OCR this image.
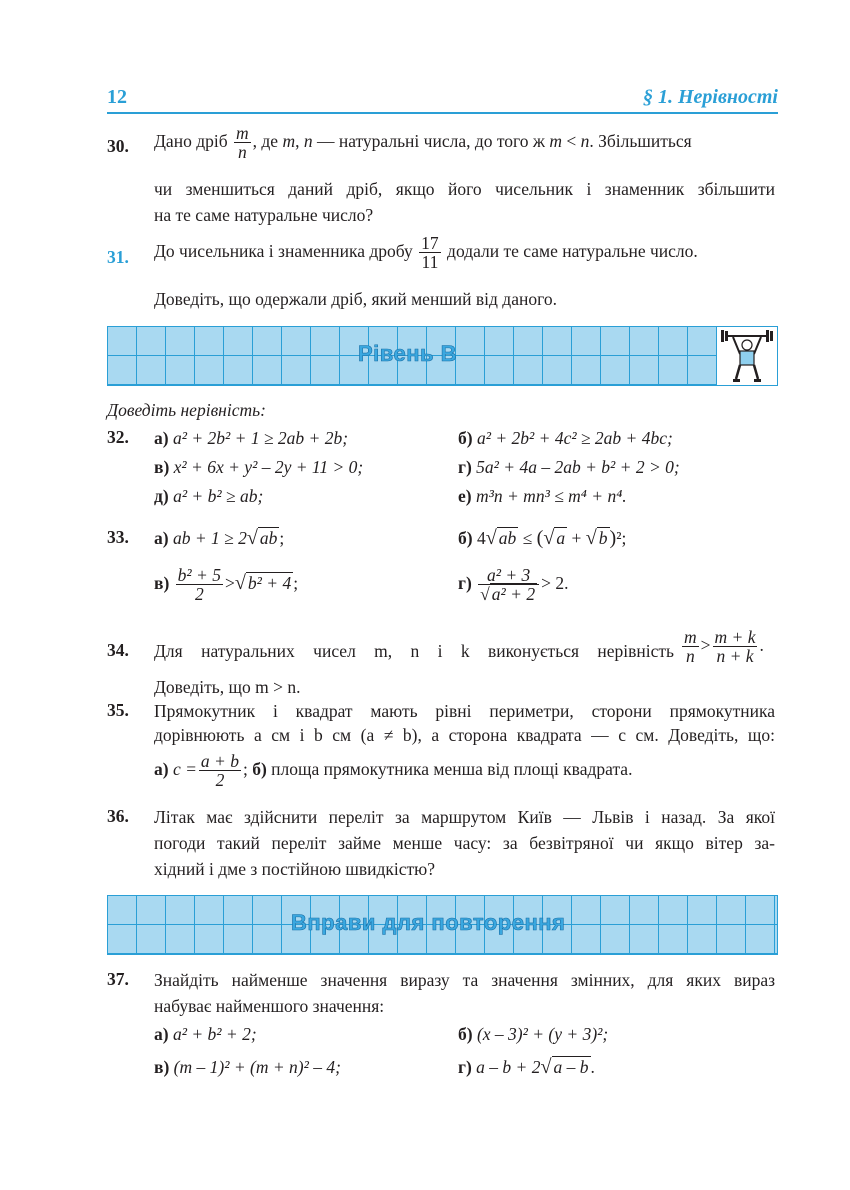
12	§ 1. Нерівності
30.	Дано дріб $\frac{m}{n}$ , де m, n — натуральні числа, до того ж m < n. Збільшиться
чи зменшиться даний дріб, якщо його чисельник і знаменник збільшити
на те саме натуральне число?
31.	До чисельника і знаменника дробу $\frac{17}{11}$ додали те саме натуральне число.
Доведіть, що одержали дріб, який менший від даного.
Рівень В
Доведіть нерівність:
32.	а) a² + 2b² + 1 ≥ 2ab + 2b;	б) a² + 2b² + 4c² ≥ 2ab + 4bc;
в) x² + 6x + y² – 2y + 11 > 0;	г) 5a² + 4a – 2ab + b² + 2 > 0;
д) a² + b² ≥ ab;	е) m³n + mn³ ≤ m⁴ + n⁴.
33.	а) ab + 1 ≥ 2√ ab ;	б) 4√ ab ≤ (√ a + √ b)²;
$в) \frac{\text{b² + 5}}{2}$ >√ b² + 4 ;	$г) \frac{\text{a² + 3}}{\text{√ a² + 2}} > 2$.
34.	Для натуральних чисел m, n і k виконується нерівність $\frac{m}{n} > \frac{m + k}{n + k}$ .
Доведіть, що m > n.
35.	Прямокутник і квадрат мають рівні периметри, сторони прямокутника
дорівнюють a см і b см (a ≠ b), а сторона квадрата — c см. Доведіть, що:
а) $c = \frac{a + b}{2}$ ; б) площа прямокутника менша від площі квадрата.
36.	Літак має здійснити переліт за маршрутом Київ — Львів і назад. За якої
погоди такий переліт займе менше часу: за безвітряної чи якщо вітер за-
хідний і дме з постійною швидкістю?
Вправи для повторення
37.	Знайдіть найменше значення виразу та значення змінних, для яких вираз
набуває найменшого значення:
а) a² + b² + 2;	б) (x – 3)² + (y + 3)²;
в) (m – 1)² + (m + n)² – 4;	г) a – b + 2√ a – b .
